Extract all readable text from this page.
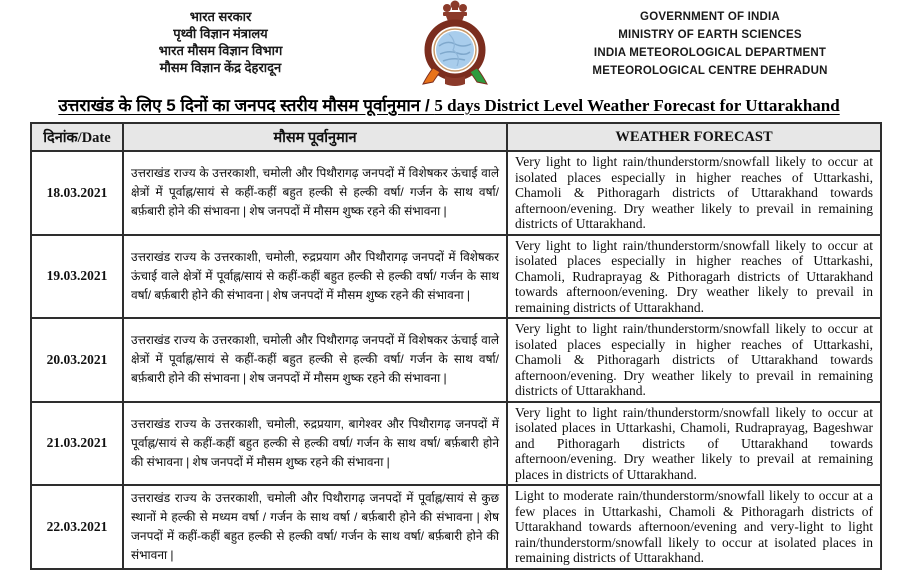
भारत सरकार
पृथ्वी विज्ञान मंत्रालय
भारत मौसम विज्ञान विभाग
मौसम विज्ञान केंद्र देहरादून
GOVERNMENT OF INDIA
MINISTRY OF EARTH SCIENCES
INDIA METEOROLOGICAL DEPARTMENT
METEOROLOGICAL CENTRE DEHRADUN
उत्तराखंड के लिए 5 दिनों का जनपद स्तरीय मौसम पूर्वानुमान / 5 days District Level Weather Forecast for Uttarakhand
दिनांक/Date	मौसम पूर्वानुमान	WEATHER FORECAST
18.03.2021	उत्तराखंड राज्य के उत्तरकाशी, चमोली और पिथौरागढ़ जनपदों में विशेषकर ऊंचाई वाले क्षेत्रों में पूर्वाह्न/सायं से कहीं-कहीं बहुत हल्की से हल्की वर्षा/ गर्जन के साथ वर्षा/ बर्फ़बारी होने की संभावना | शेष जनपदों में मौसम शुष्क रहने की संभावना |	Very light to light rain/thunderstorm/snowfall likely to occur at isolated places especially in higher reaches of Uttarkashi, Chamoli & Pithoragarh districts of Uttarakhand towards afternoon/evening. Dry weather likely to prevail in remaining districts of Uttarakhand.
19.03.2021	उत्तराखंड राज्य के उत्तरकाशी, चमोली, रुद्रप्रयाग और पिथौरागढ़ जनपदों में विशेषकर ऊंचाई वाले क्षेत्रों में पूर्वाह्न/सायं से कहीं-कहीं बहुत हल्की से हल्की वर्षा/ गर्जन के साथ वर्षा/ बर्फ़बारी होने की संभावना | शेष जनपदों में मौसम शुष्क रहने की संभावना |	Very light to light rain/thunderstorm/snowfall likely to occur at isolated places especially in higher reaches of Uttarkashi, Chamoli, Rudraprayag & Pithoragarh districts of Uttarakhand towards afternoon/evening. Dry weather likely to prevail in remaining districts of Uttarakhand.
20.03.2021	उत्तराखंड राज्य के उत्तरकाशी, चमोली और पिथौरागढ़ जनपदों में विशेषकर ऊंचाई वाले क्षेत्रों में पूर्वाह्न/सायं से कहीं-कहीं बहुत हल्की से हल्की वर्षा/ गर्जन के साथ वर्षा/ बर्फ़बारी होने की संभावना | शेष जनपदों में मौसम शुष्क रहने की संभावना |	Very light to light rain/thunderstorm/snowfall likely to occur at isolated places especially in higher reaches of Uttarkashi, Chamoli & Pithoragarh districts of Uttarakhand towards afternoon/evening. Dry weather likely to prevail in remaining districts of Uttarakhand.
21.03.2021	उत्तराखंड राज्य के उत्तरकाशी, चमोली, रुद्रप्रयाग, बागेश्वर और पिथौरागढ़ जनपदों में पूर्वाह्न/सायं से कहीं-कहीं बहुत हल्की से हल्की वर्षा/ गर्जन के साथ वर्षा/ बर्फ़बारी होने की संभावना | शेष जनपदों में मौसम शुष्क रहने की संभावना |	Very light to light rain/thunderstorm/snowfall likely to occur at isolated places in Uttarkashi, Chamoli, Rudraprayag, Bageshwar and Pithoragarh districts of Uttarakhand towards afternoon/evening. Dry weather likely to prevail at remaining places in districts of Uttarakhand.
22.03.2021	उत्तराखंड राज्य के उत्तरकाशी, चमोली और पिथौरागढ़ जनपदों में पूर्वाह्न/सायं से कुछ स्थानों मे हल्की से मध्यम वर्षा / गर्जन के साथ वर्षा / बर्फ़बारी होने की संभावना | शेष जनपदों में कहीं-कहीं बहुत हल्की से हल्की वर्षा/ गर्जन के साथ वर्षा/ बर्फ़बारी होने की संभावना |	Light to moderate rain/thunderstorm/snowfall likely to occur at a few places in Uttarkashi, Chamoli & Pithoragarh districts of Uttarakhand towards afternoon/evening and very-light to light rain/thunderstorm/snowfall likely to occur at isolated places in remaining districts of Uttarakhand.
